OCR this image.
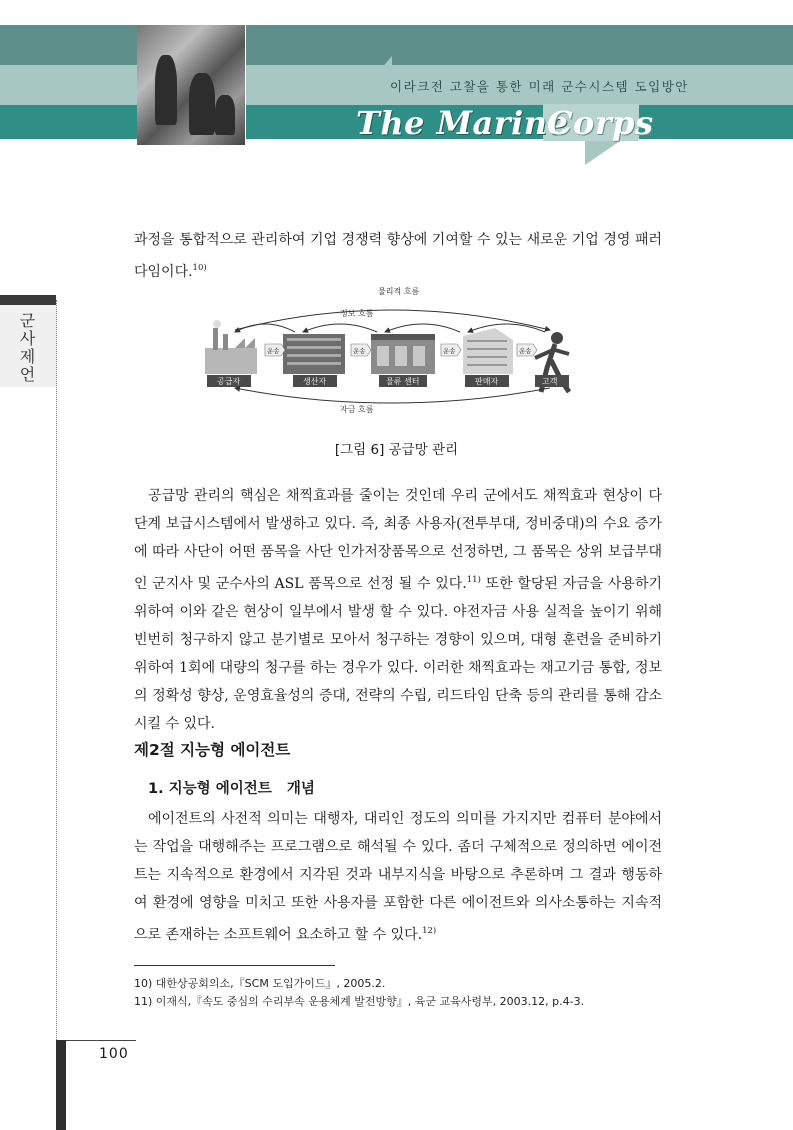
이라크전 고찰을 통한 미래 군수시스템 도입방안
The Marine
Corps
군사제언

과정을 통합적으로 관리하여 기업 경쟁력 향상에 기여할 수 있는 새로운 기업 경영 패러다임이다.$^{10)}$

물리적 흐름
정보 흐름
운송	운송	운송	운송
공급자	생산자	물류 센터	판매자	고객
자금 흐름
[그림 6] 공급망 관리

공급망 관리의 핵심은 채찍효과를 줄이는 것인데 우리 군에서도 채찍효과 현상이 다단계 보급시스템에서 발생하고 있다. 즉, 최종 사용자(전투부대, 정비중대)의 수요 증가에 따라 사단이 어떤 품목을 사단 인가저장품목으로 선정하면, 그 품목은 상위 보급부대인 군지사 및 군수사의 ASL 품목으로 선정 될 수 있다.$^{11)}$ 또한 할당된 자금을 사용하기 위하여 이와 같은 현상이 일부에서 발생 할 수 있다. 야전자금 사용 실적을 높이기 위해 빈번히 청구하지 않고 분기별로 모아서 청구하는 경향이 있으며, 대형 훈련을 준비하기 위하여 1회에 대량의 청구를 하는 경우가 있다. 이러한 채찍효과는 재고기금 통합, 정보의 정확성 향상, 운영효율성의 증대, 전략의 수립, 리드타임 단축 등의 관리를 통해 감소시킬 수 있다.

제2절 지능형 에이전트
1. 지능형 에이전트   개념

에이전트의 사전적 의미는 대행자, 대리인 정도의 의미를 가지지만 컴퓨터 분야에서는 작업을 대행해주는 프로그램으로 해석될 수 있다. 좀더 구체적으로 정의하면 에이전트는 지속적으로 환경에서 지각된 것과 내부지식을 바탕으로 추론하며 그 결과 행동하여 환경에 영향을 미치고 또한 사용자를 포함한 다른 에이전트와 의사소통하는 지속적으로 존재하는 소프트웨어 요소하고 할 수 있다.$^{12)}$

10) 대한상공회의소,『SCM 도입가이드』, 2005.2.

11) 이재식,『속도 중심의 수리부속 운용체계 발전방향』, 육군 교육사령부, 2003.12, p.4-3.

100
